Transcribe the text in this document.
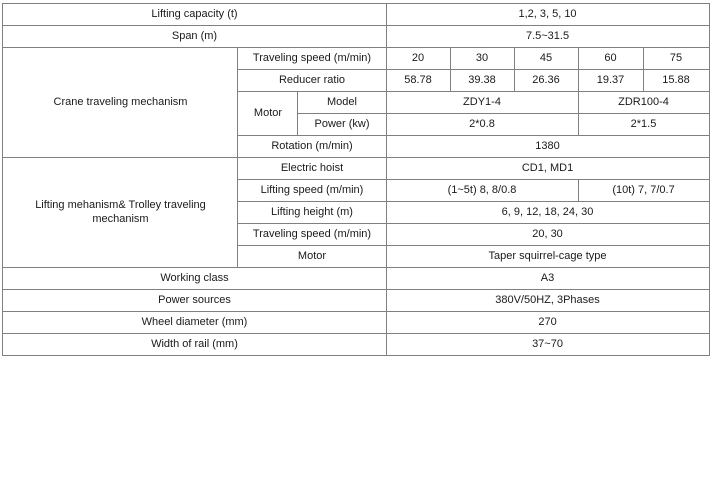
Lifting capacity (t)			1,2, 3, 5, 10				
Span (m)			7.5~31.5				
Crane traveling mechanism	Traveling speed (m/min)		20	30	45	60	75
	Reducer ratio		58.78	39.38	26.36	19.37	15.88
	Motor	Model	ZDY1-4			ZDR100-4	
		Power (kw)	2*0.8			2*1.5	
	Rotation (m/min)		1380				
Lifting mehanism& Trolley traveling mechanism	Electric hoist		CD1, MD1				
	Lifting speed (m/min)		(1~5t) 8, 8/0.8			(10t) 7, 7/0.7	
	Lifting height (m)		6, 9, 12, 18, 24, 30				
	Traveling speed (m/min)		20, 30				
	Motor		Taper squirrel-cage type				
Working class			A3				
Power sources			380V/50HZ, 3Phases				
Wheel diameter (mm)			270				
Width of rail (mm)			37~70				
